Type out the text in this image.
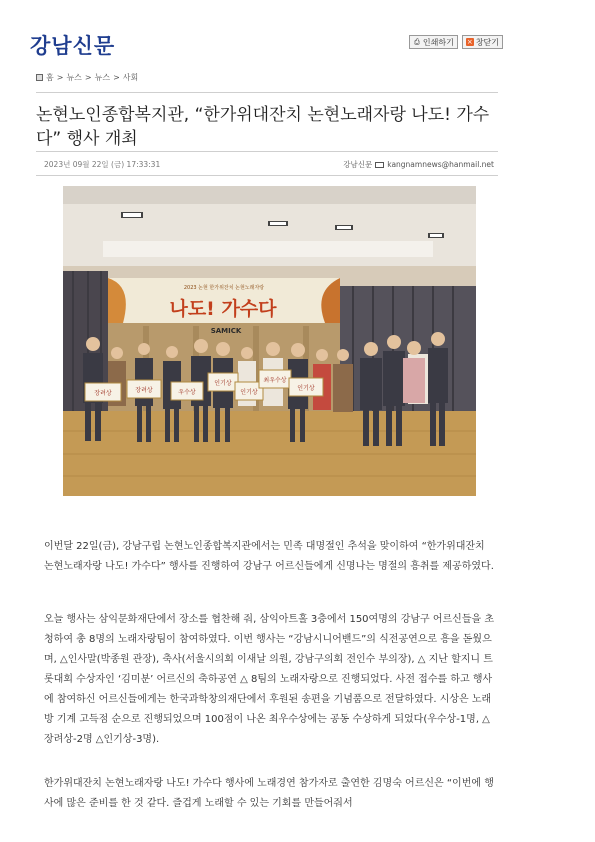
강남신문	⎙ 인쇄하기 × 창닫기
홈 > 뉴스 > 뉴스 > 사회
논현노인종합복지관, “한가위대잔치 논현노래자랑 나도! 가수다” 행사 개최
2023년 09월 22일 (금) 17:33:31	강남신문 kangnamnews@hanmail.net
2023 논현 한가위잔치 논현노래자랑
나도! 가수다
SAMICK
장려상	장려상	우수상
인기상
인기상
최우수상
인기상

이번달 22일(금), 강남구립 논현노인종합복지관에서는 민족 대명절인 추석을 맞이하여 “한가위대잔치 논현노래자랑 나도! 가수다” 행사를 진행하여 강남구 어르신들에게 신명나는 명절의 흥취를 제공하였다.

오늘 행사는 삼익문화재단에서 장소를 협찬해 줘, 삼익아트홀 3층에서 150여명의 강남구 어르신들을 초청하여 총 8명의 노래자랑팀이 참여하였다. 이번 행사는 “강남시니어밴드”의 식전공연으로 흥을 돋웠으며, △인사말(박종원 관장), 축사(서울시의회 이새날 의원, 강남구의회 전인수 부의장), △ 지난 할지니 트롯대회 수상자인 ‘김미분’ 어르신의 축하공연 △ 8팀의 노래자랑으로 진행되었다. 사전 접수를 하고 행사에 참여하신 어르신들에게는 한국과학창의재단에서 후원된 송편을 기념품으로 전달하였다. 시상은 노래방 기계 고득점 순으로 진행되었으며 100점이 나온 최우수상에는 공동 수상하게 되었다(우수상-1명, △장려상-2명 △인기상-3명).

한가위대잔치 논현노래자랑 나도! 가수다 행사에 노래경연 참가자로 출연한 김명숙 어르신은 “이번에 행사에 많은 준비를 한 것 같다. 즐겁게 노래할 수 있는 기회를 만들어줘서
